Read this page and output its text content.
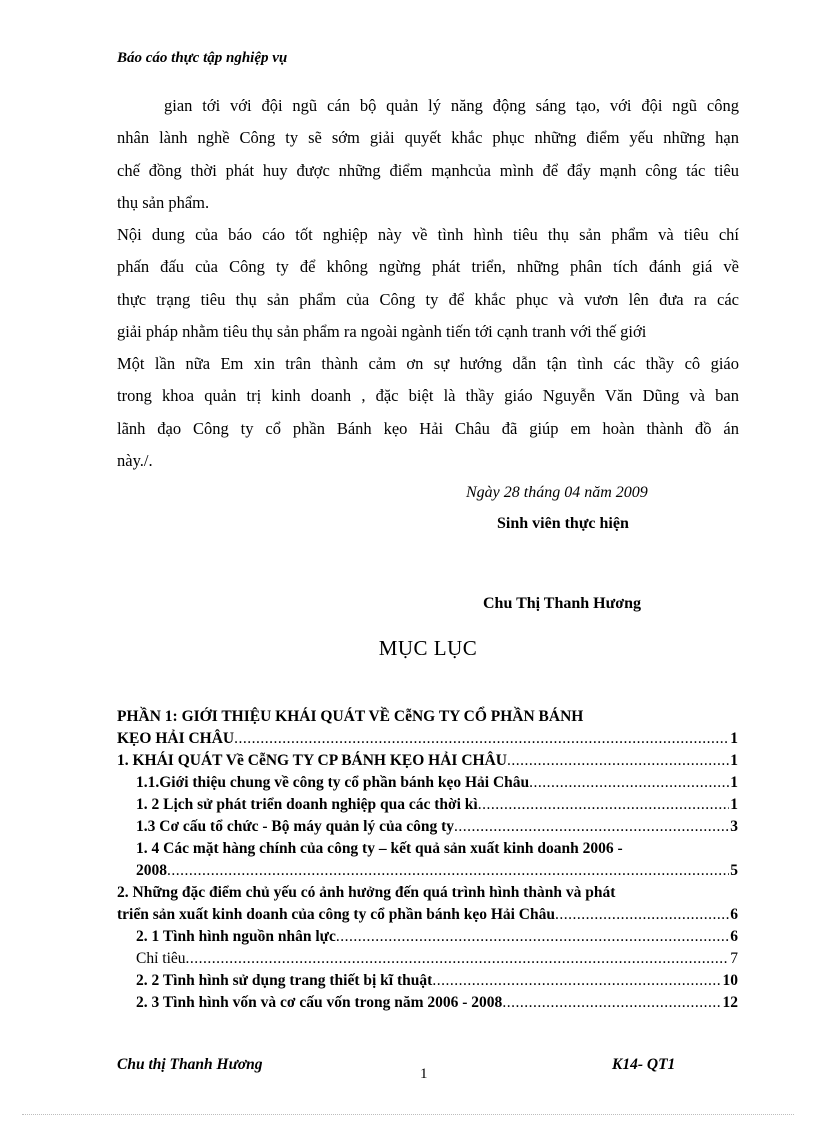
Báo cáo thực tập nghiệp vụ
gian tới với đội ngũ cán bộ quản lý năng động sáng tạo, với đội ngũ công
nhân lành nghề Công ty sẽ sớm giải quyết khắc phục những điểm yếu những hạn
chế đồng thời phát huy được những điểm mạnhcủa mình để đẩy mạnh công tác tiêu
thụ sản phẩm.
Nội dung của báo cáo tốt nghiệp này về tình hình tiêu thụ sản phẩm và tiêu chí
phấn đấu của Công ty để không ngừng phát triển, những phân tích đánh giá về
thực trạng tiêu thụ sản phẩm của Công ty để khắc phục và vươn lên đưa ra các
giải pháp nhằm tiêu thụ sản phẩm ra ngoài ngành tiến tới cạnh tranh với thế giới
Một lần nữa Em xin trân thành cảm ơn sự hướng dẫn tận tình các thầy cô giáo
trong khoa quản trị kinh doanh , đặc biệt là thầy giáo Nguyễn Văn Dũng và ban
lãnh đạo Công ty cổ phần Bánh kẹo Hải Châu đã giúp em hoàn thành đồ án
này./.
Ngày 28 tháng 04 năm 2009
Sinh viên thực hiện
Chu Thị Thanh Hương
MỤC LỤC
PHẦN 1: GIỚI THIỆU KHÁI QUÁT VỀ CễNG TY CỔ PHẦN BÁNH
KẸO HẢI CHÂU .....	1
1. KHÁI QUÁT Về CễNG TY CP BÁNH KẸO HẢI CHÂU .....	1
1.1.Giới thiệu chung về công ty cổ phần bánh kẹo Hải Châu .....	1
1. 2 Lịch sử phát triển doanh nghiệp qua các thời kì .....	1
1.3 Cơ cấu tổ chức - Bộ máy quản lý của công ty .....	3
1. 4 Các mặt hàng chính của công ty – kết quả sản xuất kinh doanh 2006 -
2008 .....	5
2. Những đặc điểm chủ yếu có ảnh hưởng đến quá trình hình thành và phát
triển sản xuất kinh doanh của công ty cổ phần bánh kẹo Hải Châu .....	6
2. 1 Tình hình nguồn nhân lực .....	6
Chỉ tiêu .....	7
2. 2 Tình hình sử dụng trang thiết bị kĩ thuật .....	10
2. 3 Tình hình vốn và cơ cấu vốn trong năm 2006 - 2008 .....	12
Chu thị Thanh Hương
1
K14- QT1
